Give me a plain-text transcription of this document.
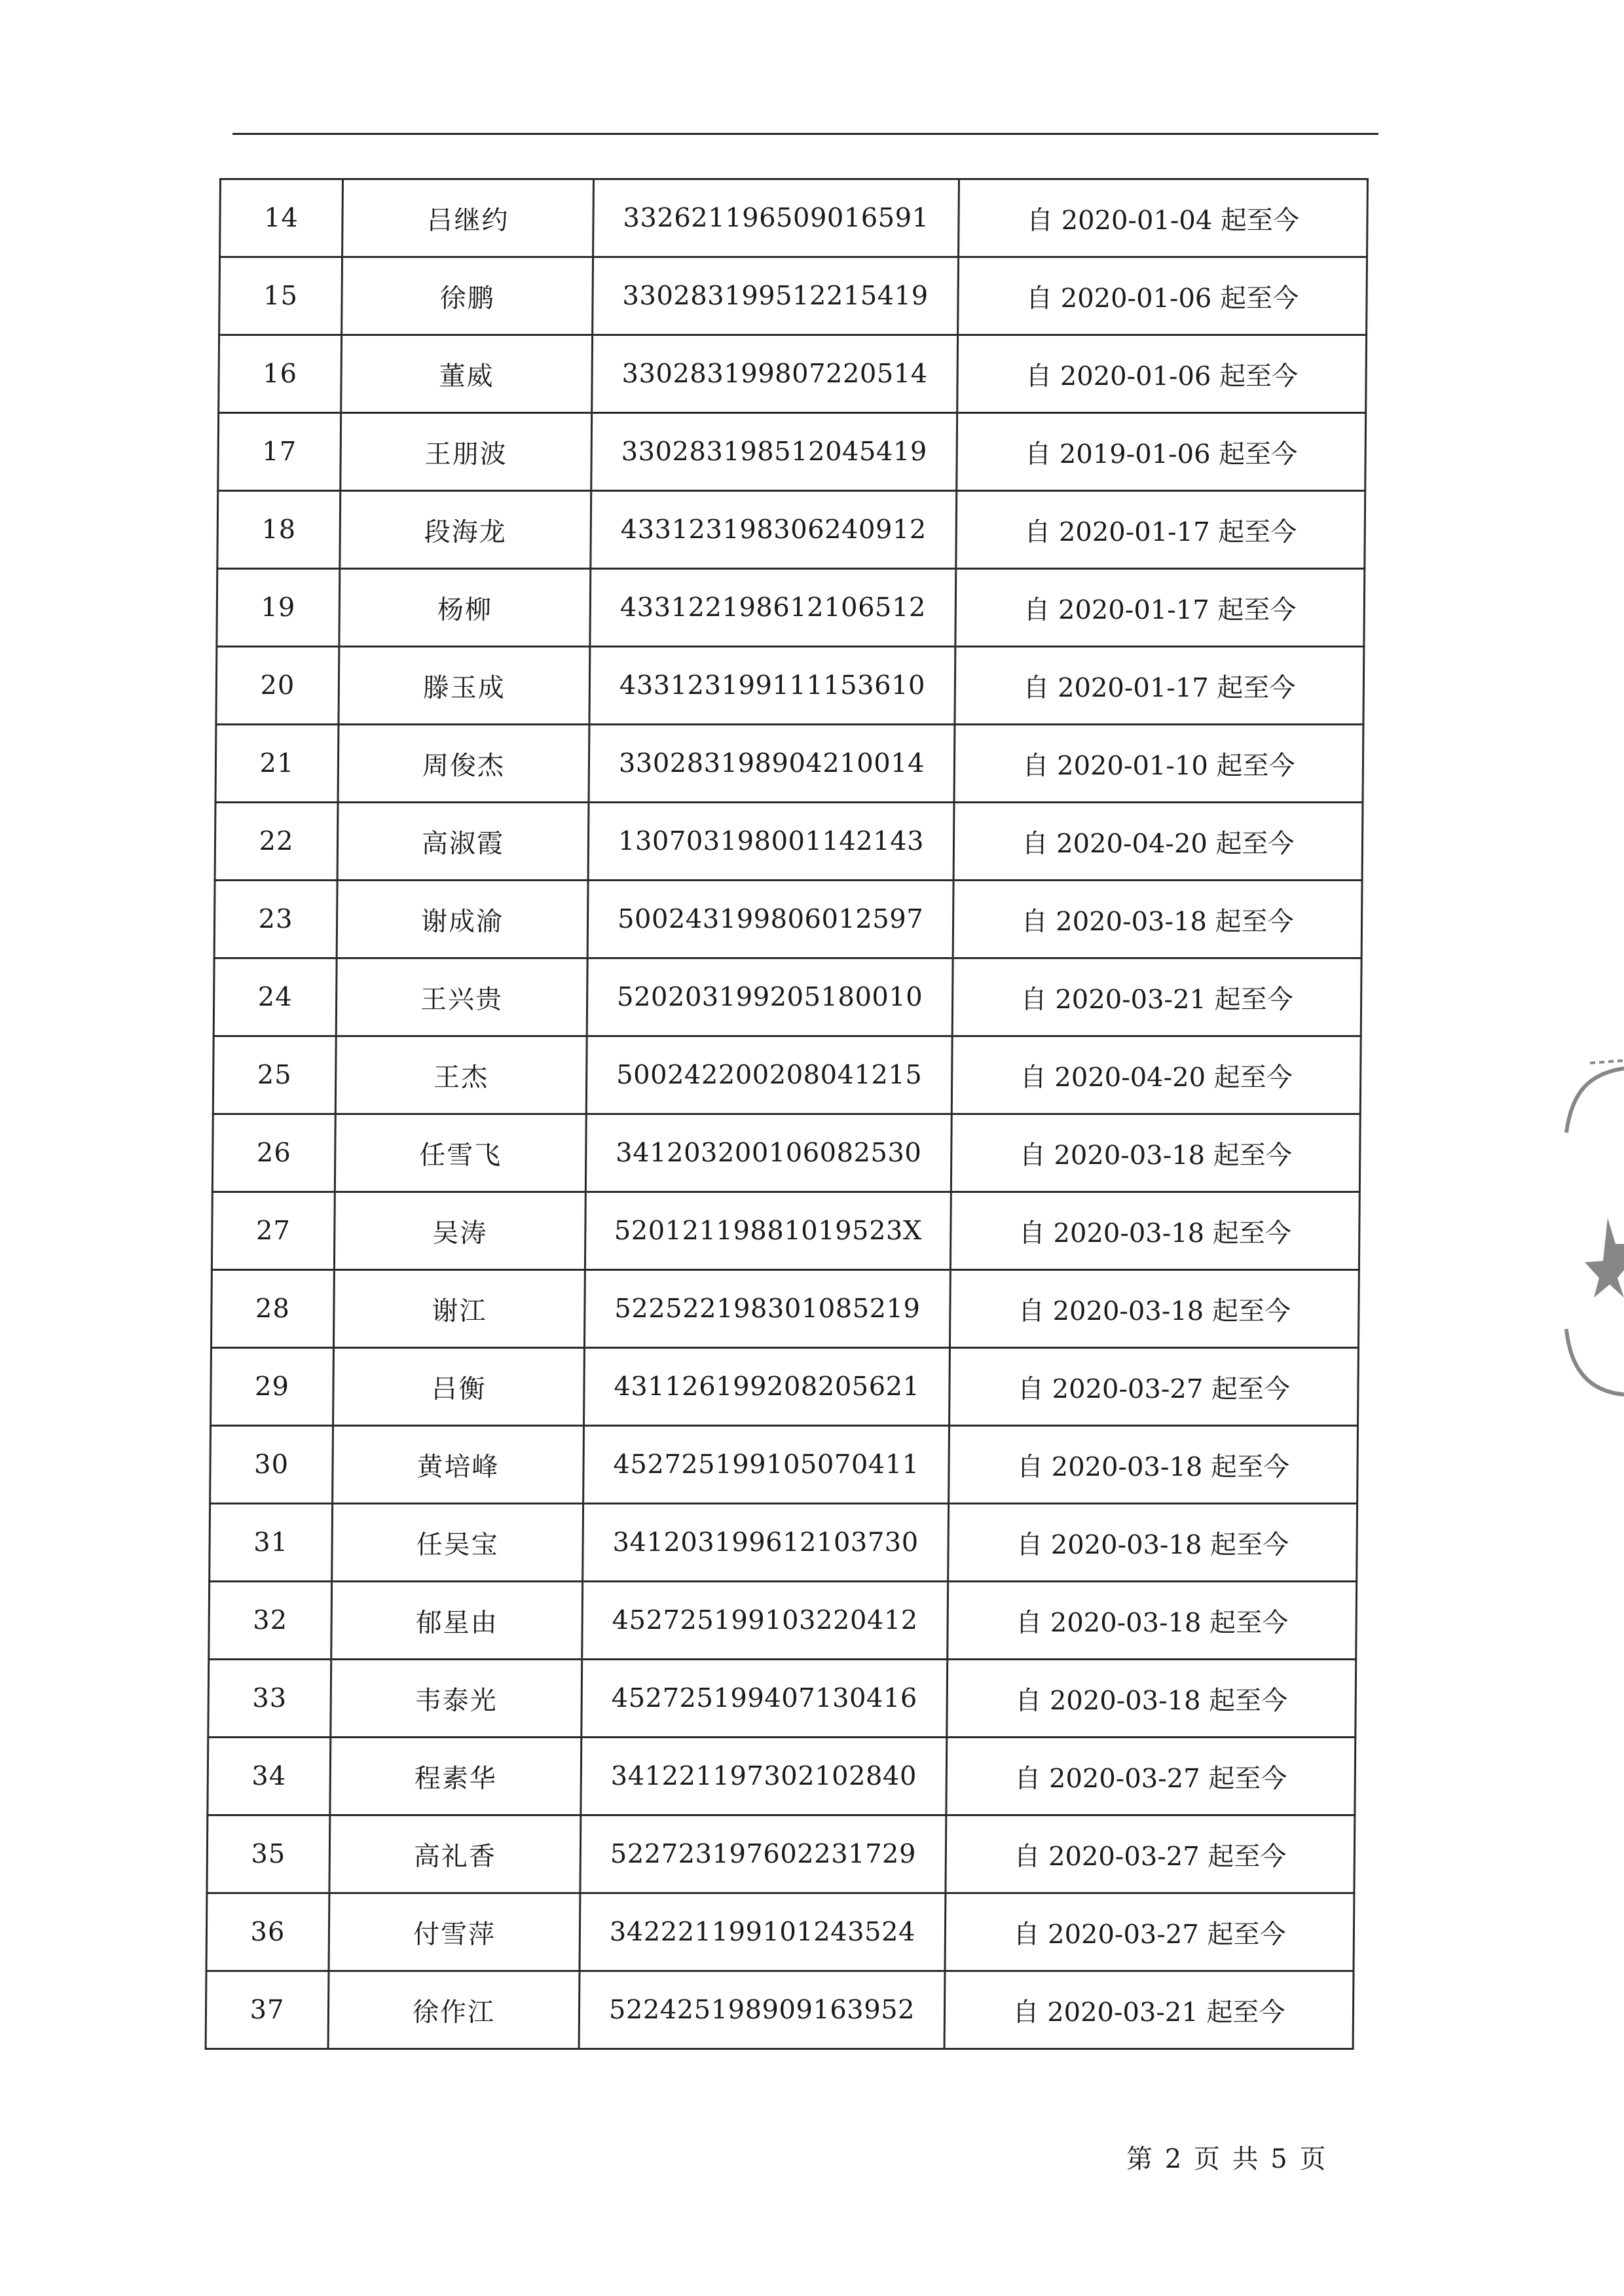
14	吕继约	332621196509016591	自 2020-01-04 起至今
15	徐鹏	330283199512215419	自 2020-01-06 起至今
16	董威	330283199807220514	自 2020-01-06 起至今
17	王朋波	330283198512045419	自 2019-01-06 起至今
18	段海龙	433123198306240912	自 2020-01-17 起至今
19	杨柳	433122198612106512	自 2020-01-17 起至今
20	滕玉成	433123199111153610	自 2020-01-17 起至今
21	周俊杰	330283198904210014	自 2020-01-10 起至今
22	高淑霞	130703198001142143	自 2020-04-20 起至今
23	谢成渝	500243199806012597	自 2020-03-18 起至今
24	王兴贵	520203199205180010	自 2020-03-21 起至今
25	王杰	500242200208041215	自 2020-04-20 起至今
26	任雪飞	341203200106082530	自 2020-03-18 起至今
27	吴涛	52012119881019523X	自 2020-03-18 起至今
28	谢江	522522198301085219	自 2020-03-18 起至今
29	吕衡	431126199208205621	自 2020-03-27 起至今
30	黄培峰	452725199105070411	自 2020-03-18 起至今
31	任吴宝	341203199612103730	自 2020-03-18 起至今
32	郁星由	452725199103220412	自 2020-03-18 起至今
33	韦泰光	452725199407130416	自 2020-03-18 起至今
34	程素华	341221197302102840	自 2020-03-27 起至今
35	高礼香	522723197602231729	自 2020-03-27 起至今
36	付雪萍	342221199101243524	自 2020-03-27 起至今
37	徐作江	522425198909163952	自 2020-03-21 起至今
第 2 页 共 5 页
